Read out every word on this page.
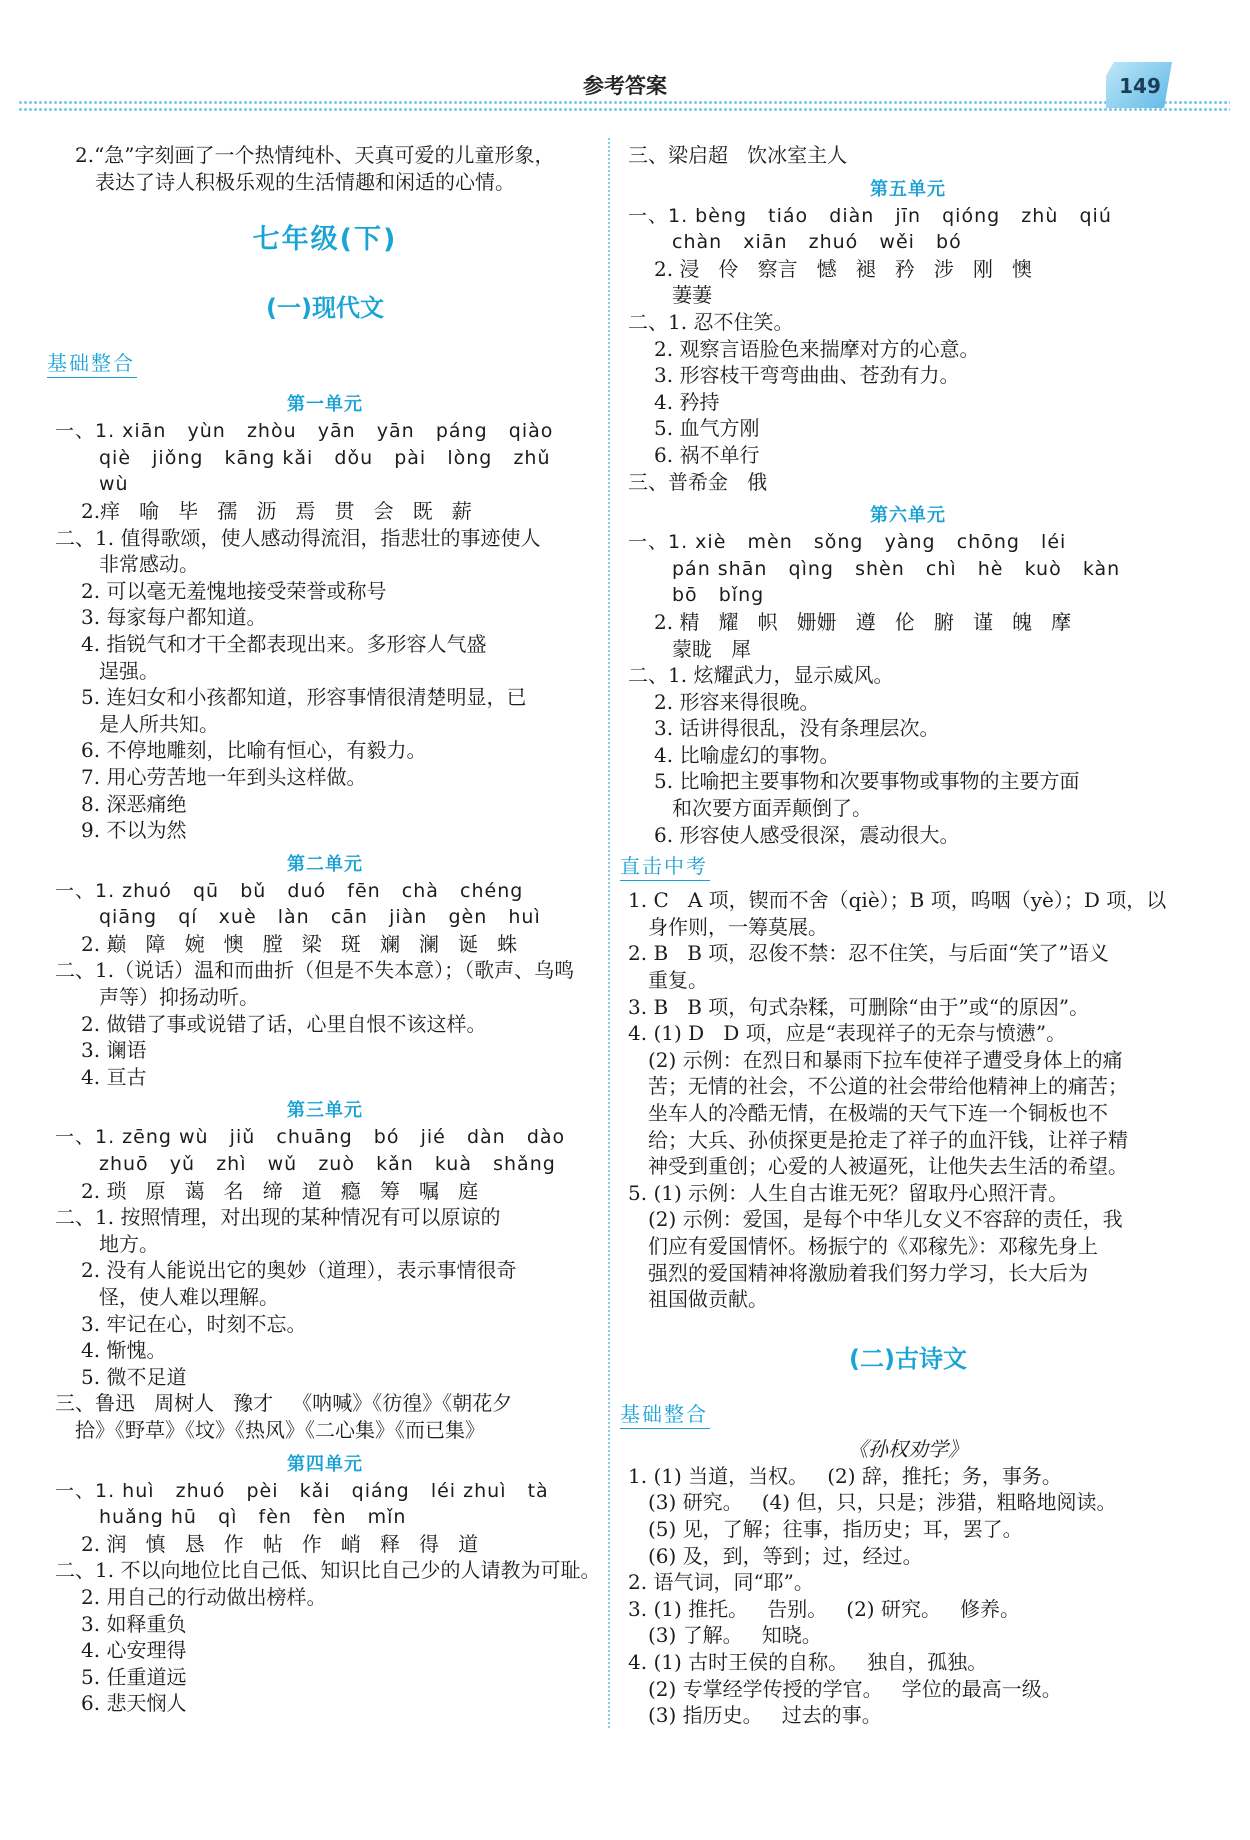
参考答案	149
2.“急”字刻画了一个热情纯朴、天真可爱的儿童形象，
表达了诗人积极乐观的生活情趣和闲适的心情。
七年级(下)
(一)现代文
基础整合
第一单元
一、1. xiān   yùn   zhòu   yān   yān   páng   qiào
qiè   jiǒng   kāng kǎi   dǒu   pài   lòng   zhǔ
wù
2.痒   喻   毕   孺   沥   焉   贯   会   既   薪
二、1. 值得歌颂，使人感动得流泪，指悲壮的事迹使人
非常感动。
2. 可以毫无羞愧地接受荣誉或称号
3. 每家每户都知道。
4. 指锐气和才干全都表现出来。多形容人气盛
逞强。
5. 连妇女和小孩都知道，形容事情很清楚明显，已
是人所共知。
6. 不停地雕刻，比喻有恒心，有毅力。
7. 用心劳苦地一年到头这样做。
8. 深恶痛绝
9. 不以为然
第二单元
一、1. zhuó   qū   bǔ   duó   fēn   chà   chéng
qiāng   qí   xuè   làn   cān   jiàn   gèn   huì
2. 巅   障   婉   懊   膛   梁   斑   斓   澜   诞   蛛
二、1.（说话）温和而曲折（但是不失本意）；（歌声、乌鸣
声等）抑扬动听。
2. 做错了事或说错了话，心里自恨不该这样。
3. 谰语
4. 亘古
第三单元
一、1. zēng wù   jiǔ   chuāng   bó   jié   dàn   dào
zhuō   yǔ   zhì   wǔ   zuò   kǎn   kuà   shǎng
2. 琐   原   蔼   名   缔   道   瘾   筹   嘱   庭
二、1. 按照情理，对出现的某种情况有可以原谅的
地方。
2. 没有人能说出它的奥妙（道理），表示事情很奇
怪，使人难以理解。
3. 牢记在心，时刻不忘。
4. 惭愧。
5. 微不足道
三、鲁迅   周树人   豫才   《呐喊》《彷徨》《朝花夕
拾》《野草》《坟》《热风》《二心集》《而已集》
第四单元
一、1. huì   zhuó   pèi   kǎi   qiáng   léi zhuì   tà
huǎng hū   qì   fèn   fèn   mǐn
2. 润   慎   恳   作   帖   作   峭   释   得   道
二、1. 不以向地位比自己低、知识比自己少的人请教为可耻。
2. 用自己的行动做出榜样。
3. 如释重负
4. 心安理得
5. 任重道远
6. 悲天悯人
三、梁启超   饮冰室主人
第五单元
一、1. bèng   tiáo   diàn   jīn   qióng   zhù   qiú
chàn   xiān   zhuó   wěi   bó
2. 浸   伶   察言   憾   褪   矜   涉   刚   懊
萋萋
二、1. 忍不住笑。
2. 观察言语脸色来揣摩对方的心意。
3. 形容枝干弯弯曲曲、苍劲有力。
4. 矜持
5. 血气方刚
6. 祸不单行
三、普希金   俄
第六单元
一、1. xiè   mèn   sǒng   yàng   chōng   léi
pán shān   qìng   shèn   chì   hè   kuò   kàn
bō   bǐng
2. 精   耀   帜   姗姗   遵   伦   腑   谨   魄   摩
蒙眬   犀
二、1. 炫耀武力，显示威风。
2. 形容来得很晚。
3. 话讲得很乱，没有条理层次。
4. 比喻虚幻的事物。
5. 比喻把主要事物和次要事物或事物的主要方面
和次要方面弄颠倒了。
6. 形容使人感受很深，震动很大。
直击中考
1. C   A 项，锲而不舍（qiè）；B 项，呜咽（yè）；D 项，以
身作则，一筹莫展。
2. B   B 项，忍俊不禁：忍不住笑，与后面“笑了”语义
重复。
3. B   B 项，句式杂糅，可删除“由于”或“的原因”。
4. (1) D   D 项，应是“表现祥子的无奈与愤懑”。
(2) 示例：在烈日和暴雨下拉车使祥子遭受身体上的痛
苦；无情的社会，不公道的社会带给他精神上的痛苦；
坐车人的冷酷无情，在极端的天气下连一个铜板也不
给；大兵、孙侦探更是抢走了祥子的血汗钱，让祥子精
神受到重创；心爱的人被逼死，让他失去生活的希望。
5. (1) 示例：人生自古谁无死？留取丹心照汗青。
(2) 示例：爱国，是每个中华儿女义不容辞的责任，我
们应有爱国情怀。杨振宁的《邓稼先》：邓稼先身上
强烈的爱国精神将激励着我们努力学习，长大后为
祖国做贡献。
(二)古诗文
基础整合
《孙权劝学》
1. (1) 当道，当权。   (2) 辞，推托；务，事务。
(3) 研究。   (4) 但，只，只是；涉猎，粗略地阅读。
(5) 见，了解；往事，指历史；耳，罢了。
(6) 及，到，等到；过，经过。
2. 语气词，同“耶”。
3. (1) 推托。   告别。   (2) 研究。   修养。
(3) 了解。   知晓。
4. (1) 古时王侯的自称。   独自，孤独。
(2) 专掌经学传授的学官。   学位的最高一级。
(3) 指历史。   过去的事。
